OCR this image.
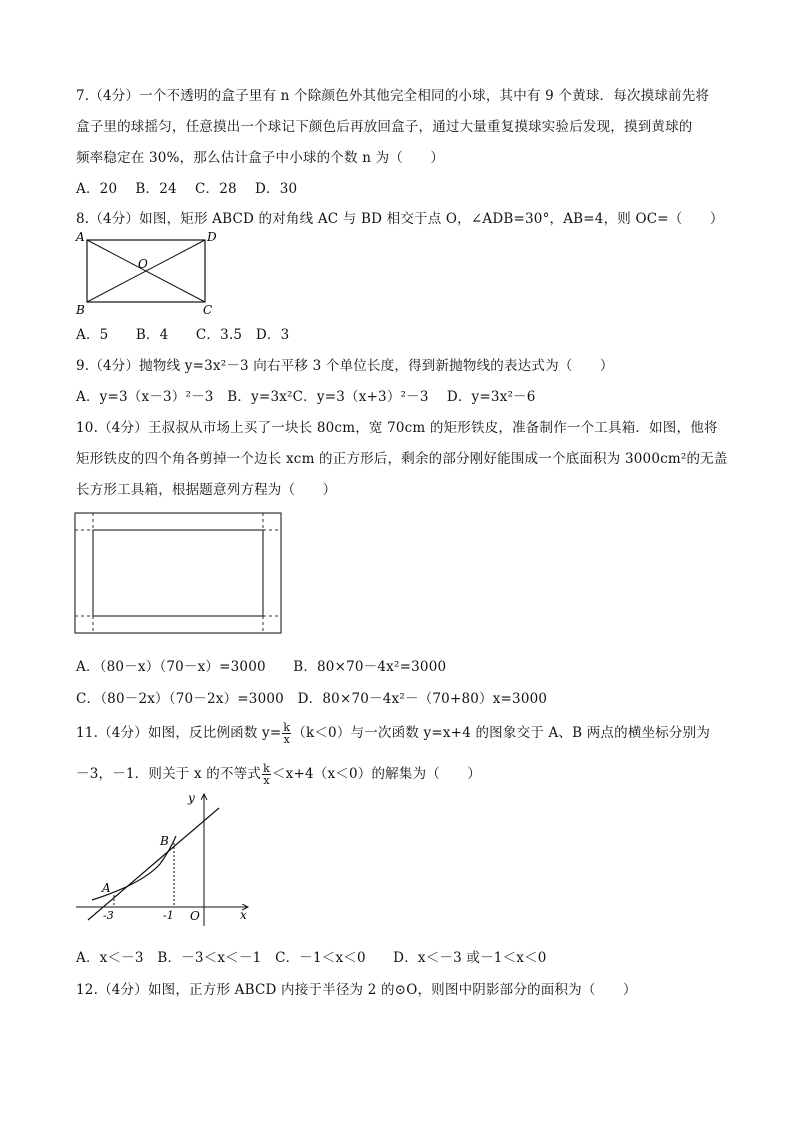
7.（4分）一个不透明的盒子里有 n 个除颜色外其他完全相同的小球，其中有 9 个黄球．每次摸球前先将
盒子里的球摇匀，任意摸出一个球记下颜色后再放回盒子，通过大量重复摸球实验后发现，摸到黄球的
频率稳定在 30%，那么估计盒子中小球的个数 n 为（　　）
A．20　 B．24　 C．28　 D．30
8.（4分）如图，矩形 ABCD 的对角线 AC 与 BD 相交于点 O，∠ADB=30°，AB=4，则 OC=（　　）
A	D
B	C
O
A．5　　B．4　　C．3.5　D．3
9.（4分）抛物线 y=3x²－3 向右平移 3 个单位长度，得到新抛物线的表达式为（　　）
A．y=3（x－3）²－3　B．y=3x²C．y=3（x+3）²－3　 D．y=3x²－6
10.（4分）王叔叔从市场上买了一块长 80cm，宽 70cm 的矩形铁皮，准备制作一个工具箱．如图，他将
矩形铁皮的四个角各剪掉一个边长 xcm 的正方形后，剩余的部分刚好能围成一个底面积为 3000cm²的无盖
长方形工具箱，根据题意列方程为（　　）
A．（80－x）（70－x）=3000　　B．80×70－4x²=3000
C．（80－2x）（70－2x）=3000　D．80×70－4x²－（70+80）x=3000
11.（4分）如图，反比例函数 $y= \frac{k}{x} (k<0)$与一次函数 y=x+4 的图象交于 A、B 两点的横坐标分别为
－3，－1．则关于 x 的不等式 $\frac{k}{x} <x+4(x<0)$的解集为（　　）
y
x
O
A
B
-3	-1
A．x＜－3　B．－3＜x＜－1　C．－1＜x＜0　　D．x＜－3 或－1＜x＜0
12.（4分）如图，正方形 ABCD 内接于半径为 2 的⊙O，则图中阴影部分的面积为（　　）
